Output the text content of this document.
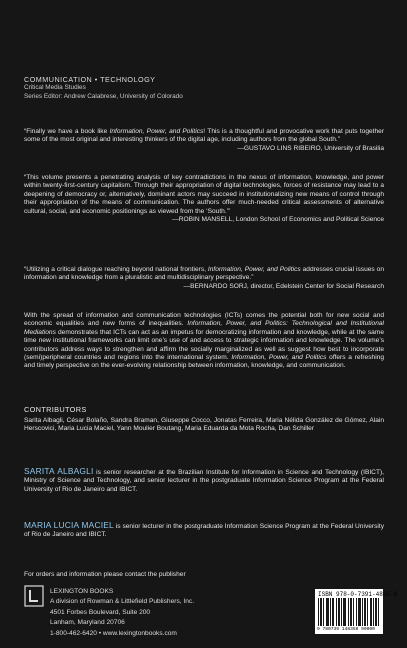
COMMUNICATION • TECHNOLOGY
Critical Media Studies
Series Editor: Andrew Calabrese, University of Colorado
“Finally we have a book like Information, Power, and Politics! This is a thoughtful and provocative work that puts together some of the most original and interesting thinkers of the digital age, including authors from the global South.”
—GUSTAVO LINS RIBEIRO, University of Brasilia
“This volume presents a penetrating analysis of key contradictions in the nexus of information, knowledge, and power within twenty-first-century capitalism. Through their appropriation of digital technologies, forces of resistance may lead to a deepening of democracy or, alternatively, dominant actors may succeed in institutionalizing new means of control through their appropriation of the means of communication. The authors offer much-needed critical assessments of alternative cultural, social, and economic positionings as viewed from the ‘South.’”
—ROBIN MANSELL, London School of Economics and Political Science
“Utilizing a critical dialogue reaching beyond national frontiers, Information, Power, and Politics addresses crucial issues on information and knowledge from a pluralistic and multidisciplinary perspective.”
—BERNARDO SORJ, director, Edelstein Center for Social Research
With the spread of information and communication technologies (ICTs) comes the potential both for new social and economic equalities and new forms of inequalities. Information, Power, and Politics: Technological and Institutional Mediations demonstrates that ICTs can act as an impetus for democratizing information and knowledge, while at the same time new institutional frameworks can limit one’s use of and access to strategic information and knowledge. The volume’s contributors address ways to strengthen and affirm the socially marginalized as well as suggest how best to incorporate (semi)peripheral countries and regions into the international system. Information, Power, and Politics offers a refreshing and timely perspective on the ever-evolving relationship between information, knowledge, and communication.
CONTRIBUTORS
Sarita Albagli, César Bolaño, Sandra Braman, Giuseppe Cocco, Jonatas Ferreira, Maria Nélida González de Gómez, Alain Herscovici, Maria Lucia Maciel, Yann Moulier Boutang, Maria Eduarda da Mota Rocha, Dan Schiller
SARITA ALBAGLI is senior researcher at the Brazilian Institute for Information in Science and Technology (IBICT), Ministry of Science and Technology, and senior lecturer in the postgraduate Information Science Program at the Federal University of Rio de Janeiro and IBICT.
MARIA LUCIA MACIEL is senior lecturer in the postgraduate Information Science Program at the Federal University of Rio de Janeiro and IBICT.
For orders and information please contact the publisher
LEXINGTON BOOKS
A division of Rowman & Littlefield Publishers, Inc.
4501 Forbes Boulevard, Suite 200
Lanham, Maryland 20706
1-800-462-6420 • www.lexingtonbooks.com
ISBN 978-0-7391-4835-8
9 780739 148358 90000
